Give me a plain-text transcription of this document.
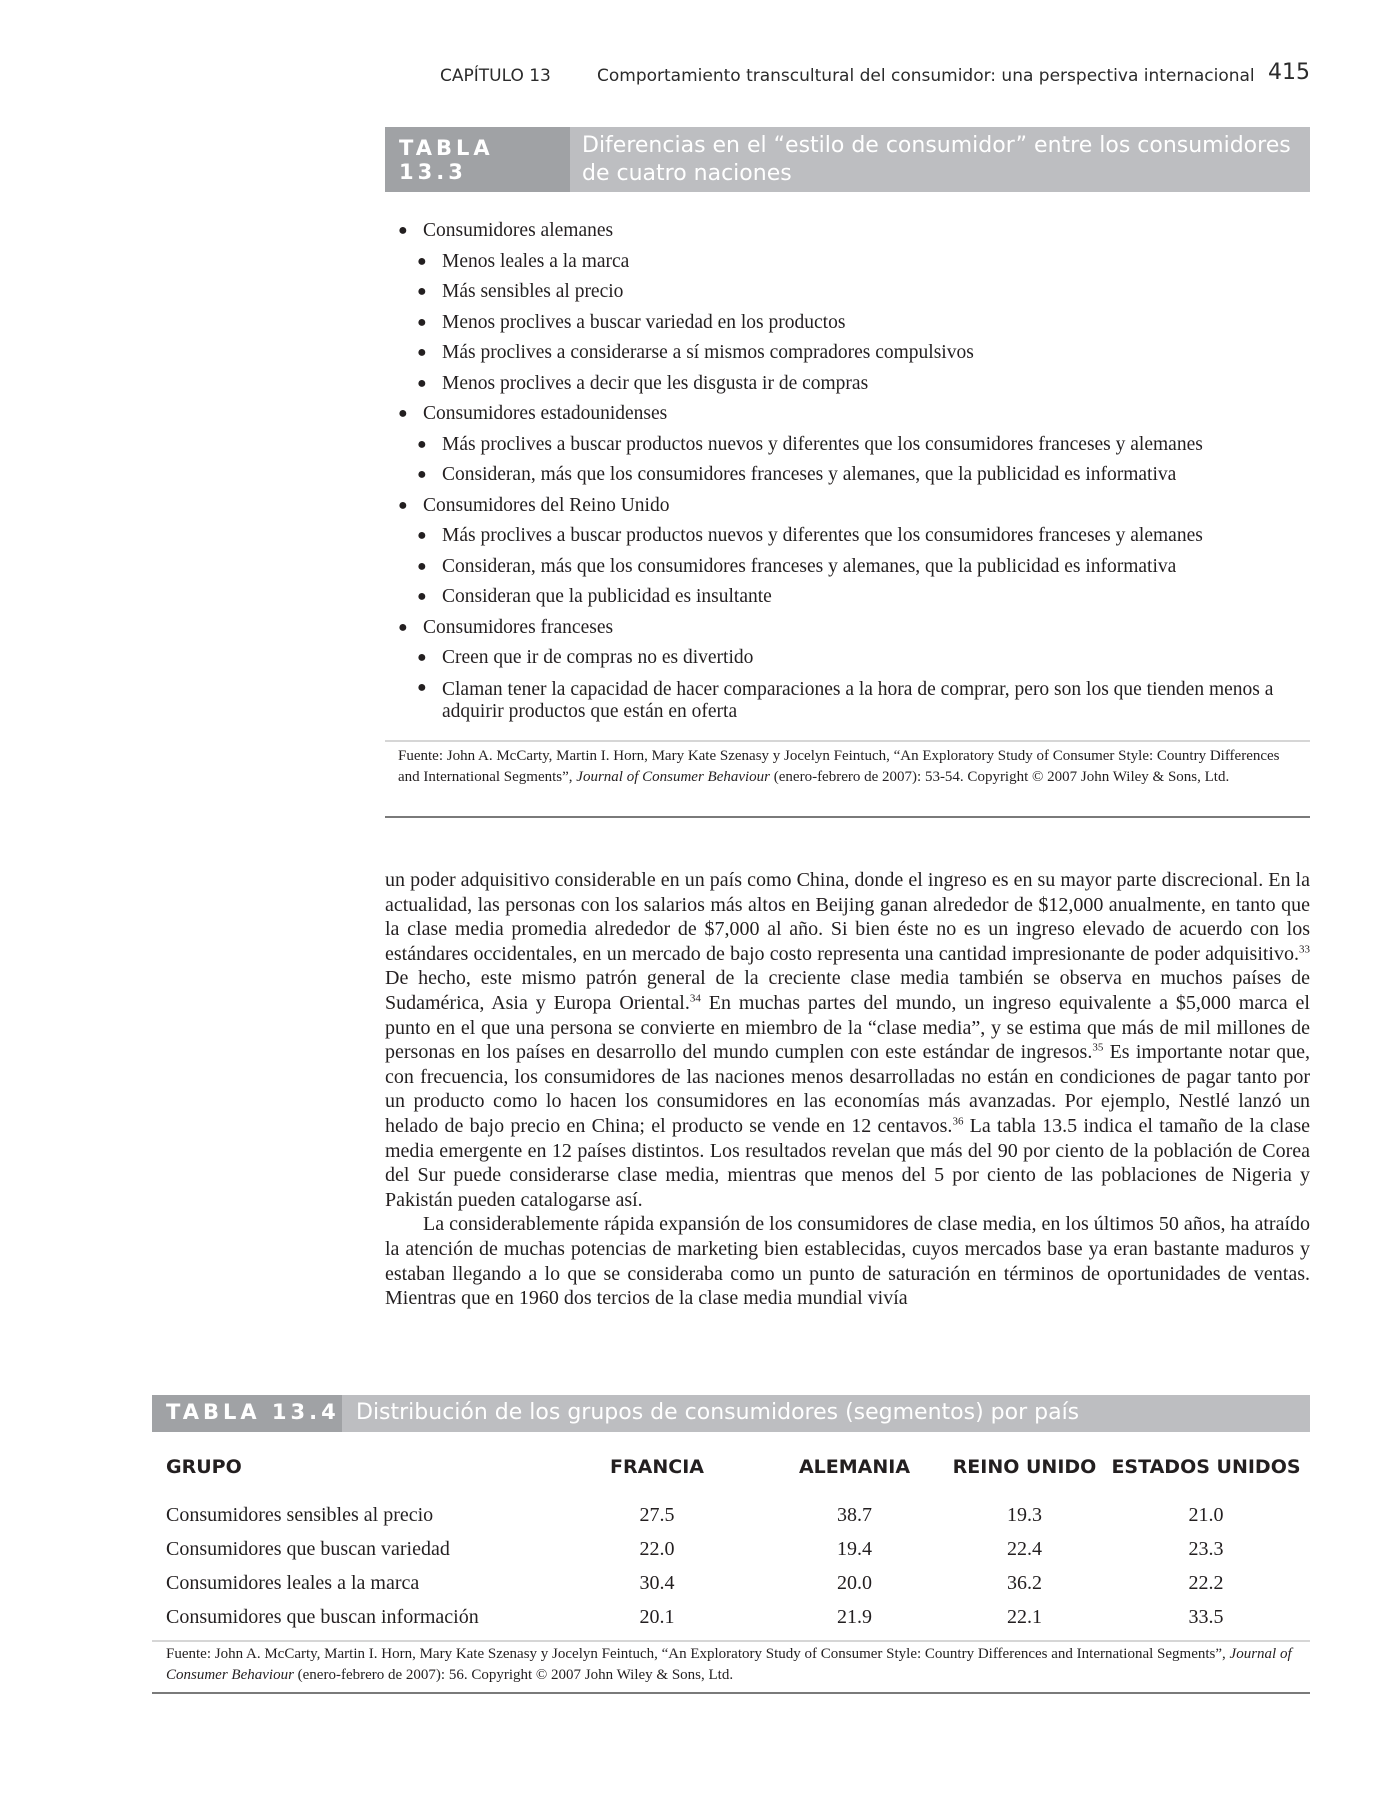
CAPÍTULO 13	Comportamiento transcultural del consumidor: una perspectiva internacional 415
TABLA 13.3
Diferencias en el “estilo de consumidor” entre los consumidores de cuatro naciones
● Consumidores alemanes
● Menos leales a la marca
● Más sensibles al precio
● Menos proclives a buscar variedad en los productos
● Más proclives a considerarse a sí mismos compradores compulsivos
● Menos proclives a decir que les disgusta ir de compras
● Consumidores estadounidenses
● Más proclives a buscar productos nuevos y diferentes que los consumidores franceses y alemanes
● Consideran, más que los consumidores franceses y alemanes, que la publicidad es informativa
● Consumidores del Reino Unido
● Más proclives a buscar productos nuevos y diferentes que los consumidores franceses y alemanes
● Consideran, más que los consumidores franceses y alemanes, que la publicidad es informativa
● Consideran que la publicidad es insultante
● Consumidores franceses
● Creen que ir de compras no es divertido
● Claman tener la capacidad de hacer comparaciones a la hora de comprar, pero son los que tienden menos a adquirir productos que están en oferta
Fuente: John A. McCarty, Martin I. Horn, Mary Kate Szenasy y Jocelyn Feintuch, “An Exploratory Study of Consumer Style: Country Differences and International Segments”, Journal of Consumer Behaviour (enero-febrero de 2007): 53-54. Copyright © 2007 John Wiley & Sons, Ltd.

un poder adquisitivo considerable en un país como China, donde el ingreso es en su mayor parte discrecional. En la actualidad, las personas con los salarios más altos en Beijing ganan alrededor de $12,000 anualmente, en tanto que la clase media promedia alrededor de $7,000 al año. Si bien éste no es un ingreso elevado de acuerdo con los estándares occidentales, en un mercado de bajo costo representa una cantidad impresionante de poder adquisitivo.$^{33}$ De hecho, este mismo patrón general de la creciente clase media también se observa en muchos países de Sudamérica, Asia y Europa Oriental.$^{34}$ En muchas partes del mundo, un ingreso equivalente a $5,000 marca el punto en el que una persona se convierte en miembro de la “clase media”, y se estima que más de mil millones de personas en los países en desarrollo del mundo cumplen con este estándar de ingresos.$^{35}$ Es importante notar que, con frecuencia, los consumidores de las naciones menos desarrolladas no están en condiciones de pagar tanto por un producto como lo hacen los consumidores en las economías más avanzadas. Por ejemplo, Nestlé lanzó un helado de bajo precio en China; el producto se vende en 12 centavos.$^{36}$ La tabla 13.5 indica el tamaño de la clase media emergente en 12 países distintos. Los resultados revelan que más del 90 por ciento de la población de Corea del Sur puede considerarse clase media, mientras que menos del 5 por ciento de las poblaciones de Nigeria y Pakistán pueden catalogarse así.

La considerablemente rápida expansión de los consumidores de clase media, en los últimos 50 años, ha atraído la atención de muchas potencias de marketing bien establecidas, cuyos mercados base ya eran bastante maduros y estaban llegando a lo que se consideraba como un punto de saturación en términos de oportunidades de ventas. Mientras que en 1960 dos tercios de la clase media mundial vivía

TABLA 13.4 Distribución de los grupos de consumidores (segmentos) por país
GRUPO	FRANCIA	ALEMANIA	REINO UNIDO	ESTADOS UNIDOS

Consumidores sensibles al precio	27.5	38.7	19.3	21.0
Consumidores que buscan variedad	22.0	19.4	22.4	23.3
Consumidores leales a la marca	30.4	20.0	36.2	22.2
Consumidores que buscan información	20.1	21.9	22.1	33.5
Fuente: John A. McCarty, Martin I. Horn, Mary Kate Szenasy y Jocelyn Feintuch, “An Exploratory Study of Consumer Style: Country Differences and International Segments”, Journal of Consumer Behaviour (enero-febrero de 2007): 56. Copyright © 2007 John Wiley & Sons, Ltd.
